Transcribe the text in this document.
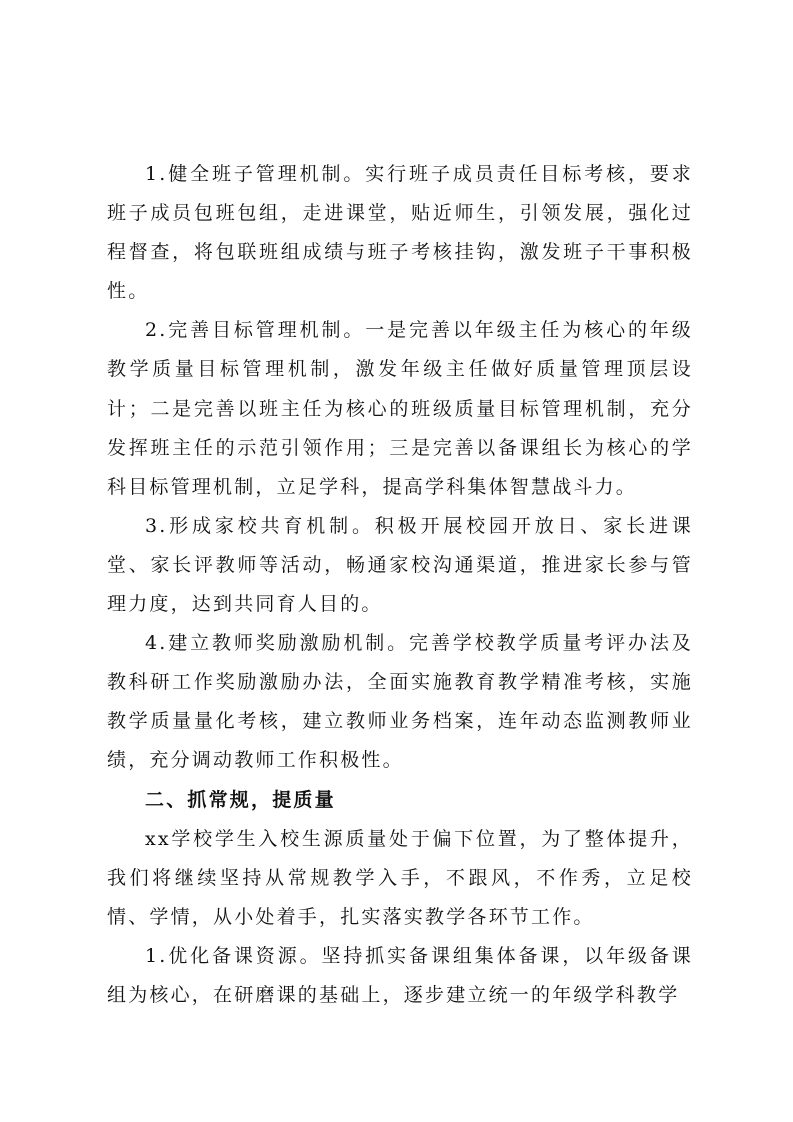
1.健全班子管理机制。实行班子成员责任目标考核，要求班子成员包班包组，走进课堂，贴近师生，引领发展，强化过程督查，将包联班组成绩与班子考核挂钩，激发班子干事积极性。

2.完善目标管理机制。一是完善以年级主任为核心的年级教学质量目标管理机制，激发年级主任做好质量管理顶层设计；二是完善以班主任为核心的班级质量目标管理机制，充分发挥班主任的示范引领作用；三是完善以备课组长为核心的学科目标管理机制，立足学科，提高学科集体智慧战斗力。

3.形成家校共育机制。积极开展校园开放日、家长进课堂、家长评教师等活动，畅通家校沟通渠道，推进家长参与管理力度，达到共同育人目的。

4.建立教师奖励激励机制。完善学校教学质量考评办法及教科研工作奖励激励办法，全面实施教育教学精准考核，实施教学质量量化考核，建立教师业务档案，连年动态监测教师业绩，充分调动教师工作积极性。

二、抓常规，提质量

xx学校学生入校生源质量处于偏下位置，为了整体提升，我们将继续坚持从常规教学入手，不跟风，不作秀，立足校情、学情，从小处着手，扎实落实教学各环节工作。

1.优化备课资源。坚持抓实备课组集体备课，以年级备课组为核心，在研磨课的基础上，逐步建立统一的年级学科教学
